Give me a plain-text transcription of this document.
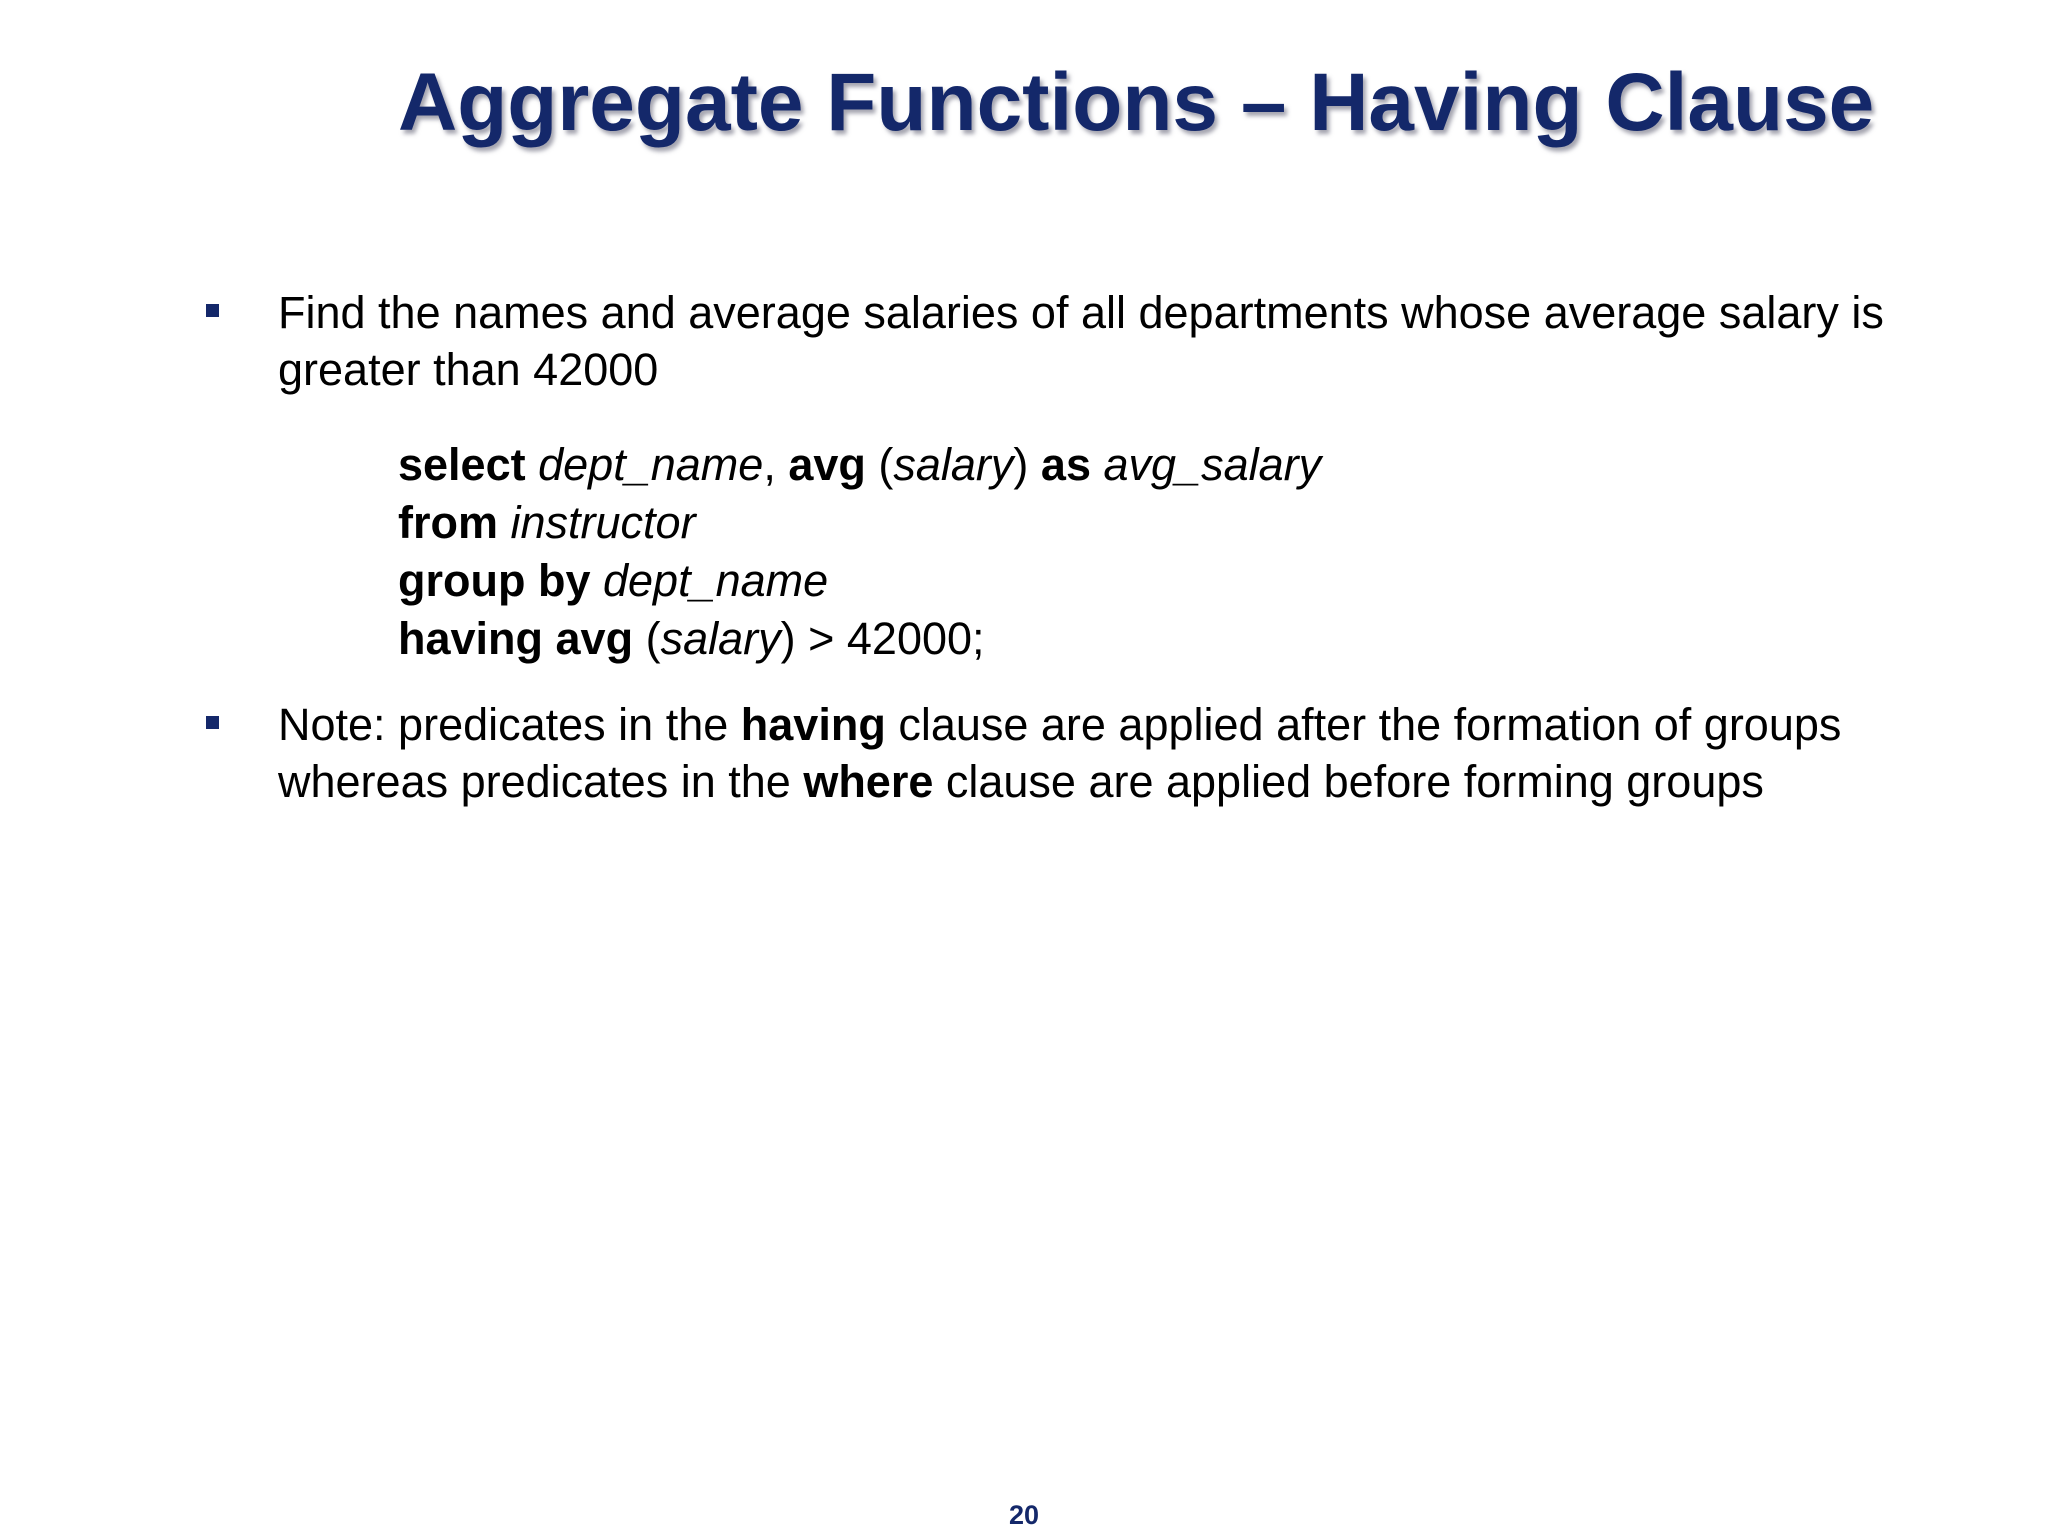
Aggregate Functions – Having Clause
Find the names and average salaries of all departments whose average salary is greater than 42000
select dept_name, avg (salary) as avg_salary
from instructor
group by dept_name
having avg (salary) > 42000;
Note: predicates in the having clause are applied after the formation of groups whereas predicates in the where clause are applied before forming groups
20
